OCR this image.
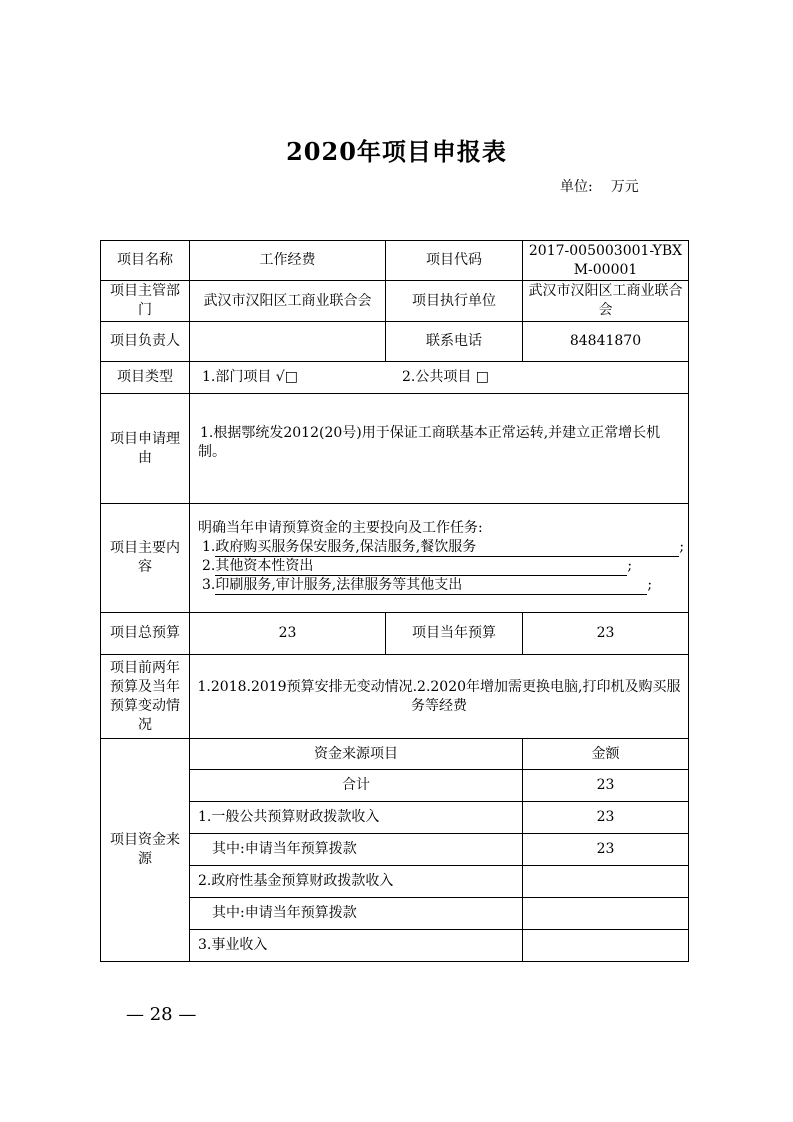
2020年项目申报表
单位: 万元
项目名称	工作经费	项目代码	2017-005003001-YBXM-00001
项目主管部门	武汉市汉阳区工商业联合会	项目执行单位	武汉市汉阳区工商业联合会
项目负责人		联系电话	84841870
项目类型	1.部门项目 √□ 2.公共项目 □		
项目申请理由	1.根据鄂统发2012(20号)用于保证工商联基本正常运转,并建立正常增长机制。		
项目主要内容	明确当年申请预算资金的主要投向及工作任务:
1.政府购买服务保安服务,保洁服务,餐饮服务 ;
2.其他资本性资出 ;
3.印刷服务,审计服务,法律服务等其他支出 ;		

项目总预算	23	项目当年预算	23
项目前两年预算及当年预算变动情况	1.2018.2019预算安排无变动情况.2.2020年增加需更换电脑,打印机及购买服务等经费		
项目资金来源	资金来源项目		金额
	合计		23
	1.一般公共预算财政拨款收入		23
	其中:申请当年预算拨款		23
	2.政府性基金预算财政拨款收入		
	其中:申请当年预算拨款		
	3.事业收入		
— 28 —
